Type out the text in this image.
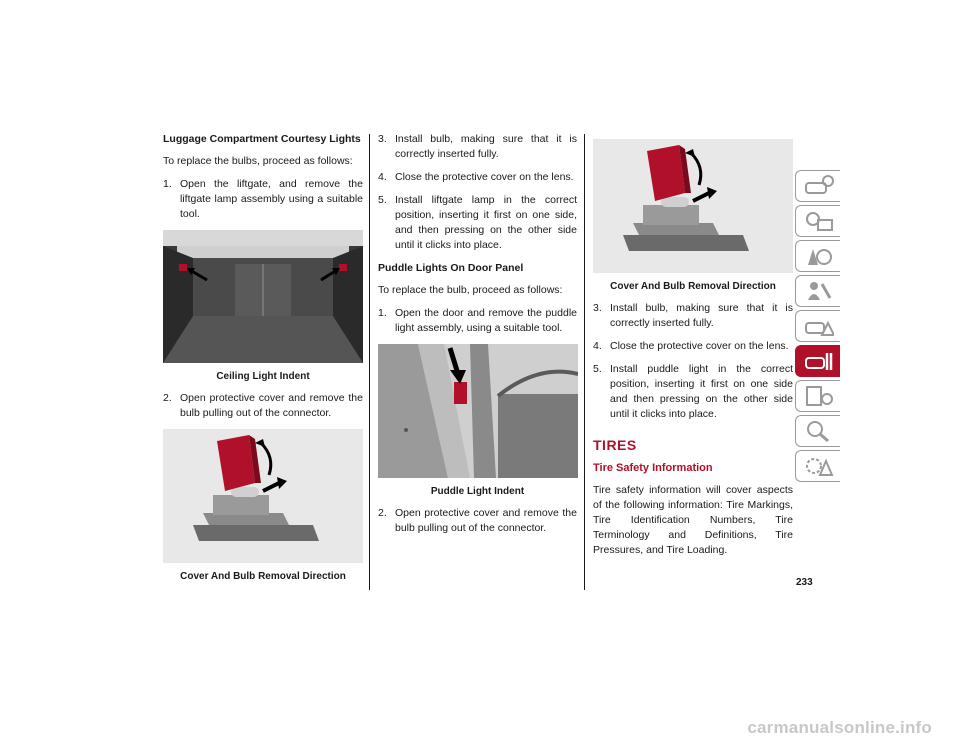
Luggage Compartment Courtesy Lights

To replace the bulbs, proceed as follows:

1. Open the liftgate, and remove the liftgate lamp assembly using a suitable tool.
Ceiling Light Indent
2. Open protective cover and remove the bulb pulling out of the connector.
Cover And Bulb Removal Direction
3. Install bulb, making sure that it is correctly inserted fully.
4. Close the protective cover on the lens.
5. Install liftgate lamp in the correct position, inserting it first on one side, and then pressing on the other side until it clicks into place.
Puddle Lights On Door Panel

To replace the bulb, proceed as follows:

1. Open the door and remove the puddle light assembly, using a suitable tool.
Puddle Light Indent
2. Open protective cover and remove the bulb pulling out of the connector.
Cover And Bulb Removal Direction
3. Install bulb, making sure that it is correctly inserted fully.
4. Close the protective cover on the lens.
5. Install puddle light in the correct position, inserting it first on one side and then pressing on the other side until it clicks into place.
TIRES
Tire Safety Information

Tire safety information will cover aspects of the following information: Tire Markings, Tire Identification Numbers, Tire Terminology and Definitions, Tire Pressures, and Tire Loading.

233
carmanualsonline.info
